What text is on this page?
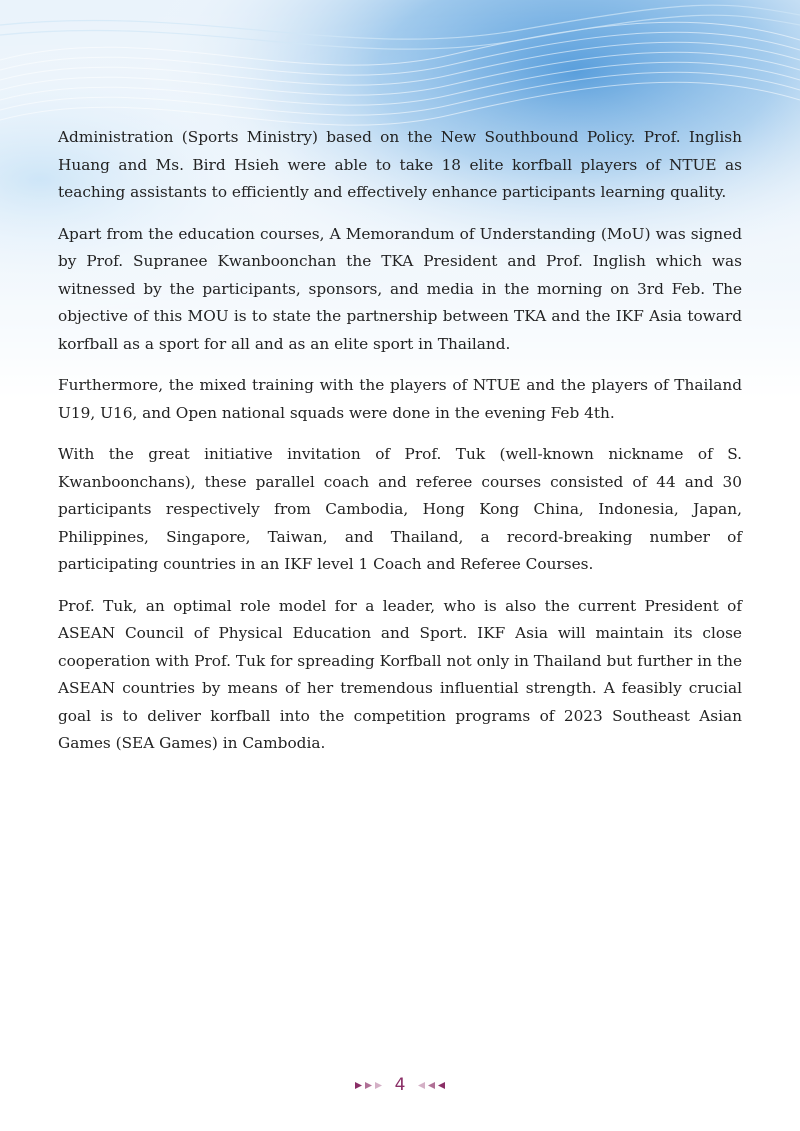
Administration (Sports Ministry) based on the New Southbound Policy. Prof. Inglish Huang and Ms. Bird Hsieh were able to take 18 elite korfball players of NTUE as teaching assistants to efficiently and effectively enhance participants learning quality.

Apart from the education courses, A Memorandum of Understanding (MoU) was signed by Prof. Supranee Kwanboonchan the TKA President and Prof. Inglish which was witnessed by the participants, sponsors, and media in the morning on 3rd Feb. The objective of this MOU is to state the partnership between TKA and the IKF Asia toward korfball as a sport for all and as an elite sport in Thailand.

Furthermore, the mixed training with the players of NTUE and the players of Thailand U19, U16, and Open national squads were done in the evening Feb 4th.

With the great initiative invitation of Prof. Tuk (well-known nickname of S. Kwanboonchans), these parallel coach and referee courses consisted of 44 and 30 participants respectively from Cambodia, Hong Kong China, Indonesia, Japan, Philippines, Singapore, Taiwan, and Thailand, a record-breaking number of participating countries in an IKF level 1 Coach and Referee Courses.

Prof. Tuk, an optimal role model for a leader, who is also the current President of ASEAN Council of Physical Education and Sport. IKF Asia will maintain its close cooperation with Prof. Tuk for spreading Korfball not only in Thailand but further in the ASEAN countries by means of her tremendous influential strength. A feasibly crucial goal is to deliver korfball into the competition programs of 2023 Southeast Asian Games (SEA Games) in Cambodia.

4
